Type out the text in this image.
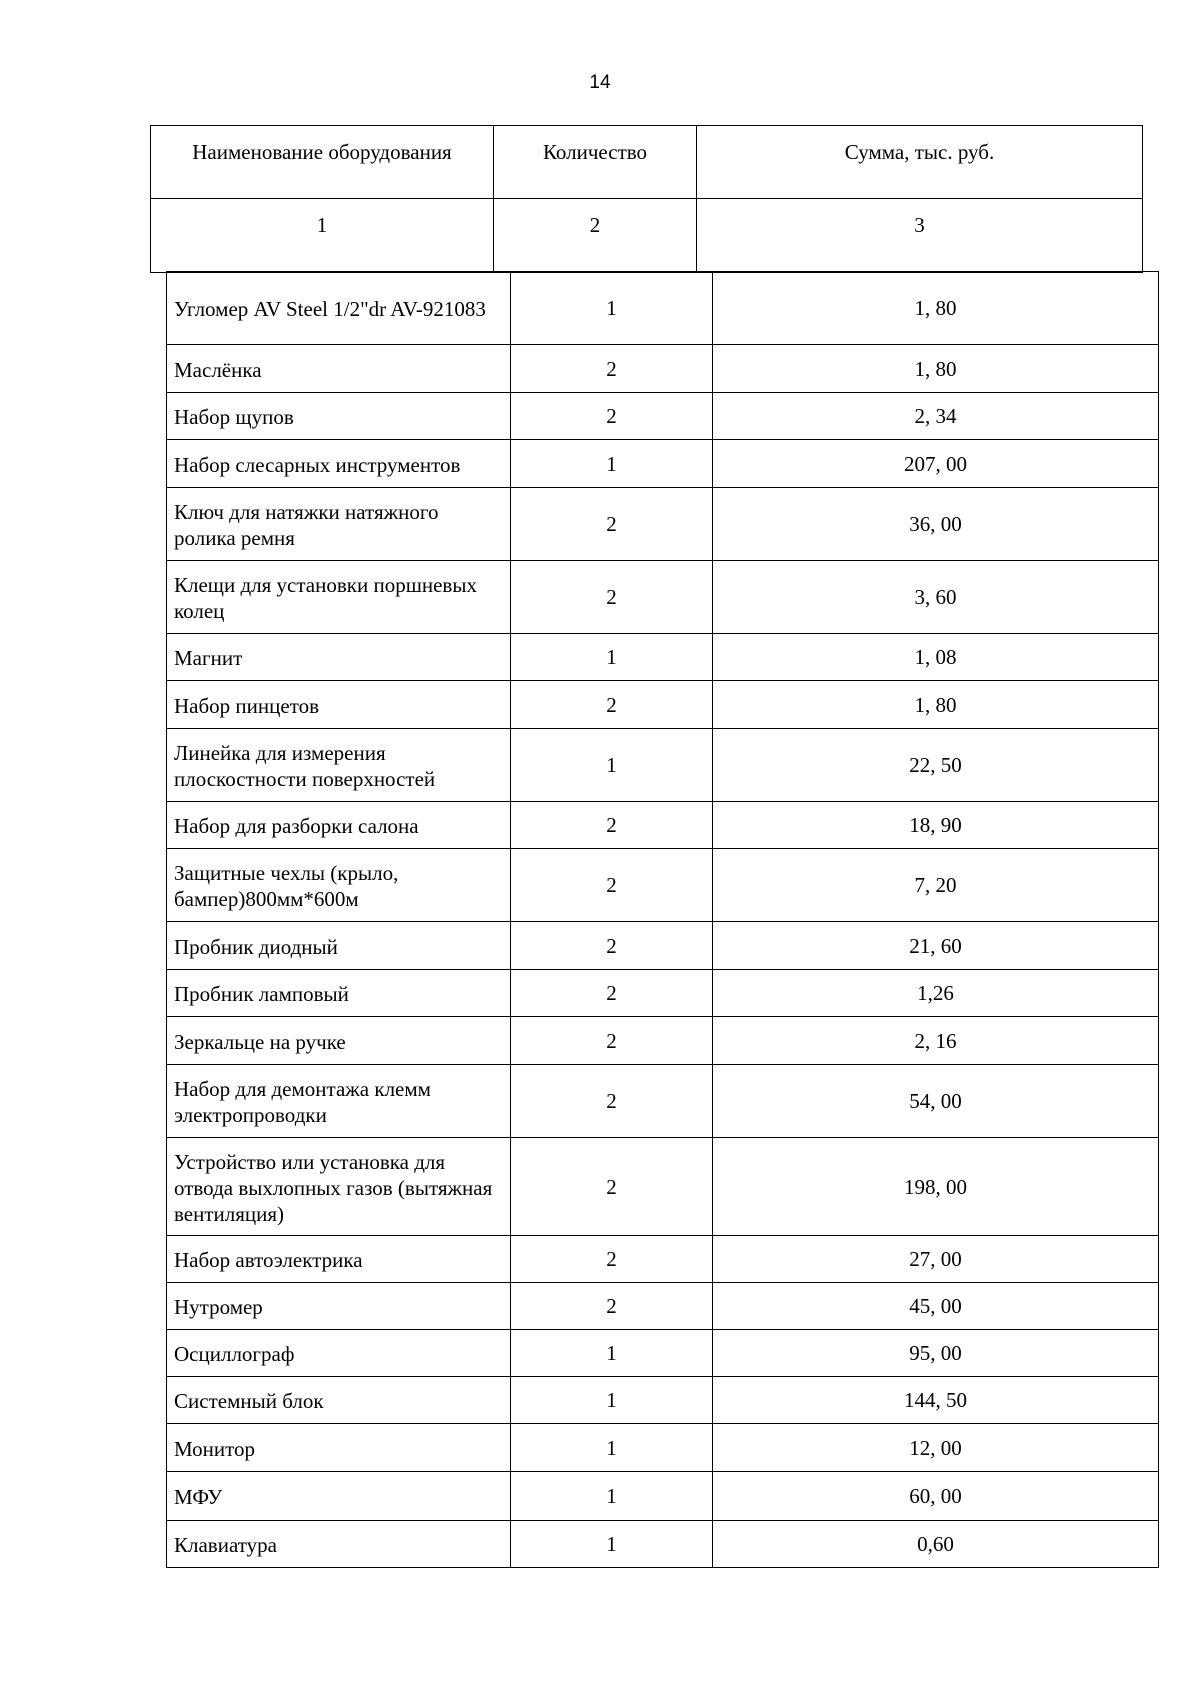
14
Наименование оборудования	Количество	Сумма, тыс. руб.
1	2	3
Угломер AV Steel 1/2"dr AV-921083	1	1, 80
Маслёнка	2	1, 80
Набор щупов	2	2, 34
Набор слесарных инструментов	1	207, 00
Ключ для натяжки натяжного ролика ремня	2	36, 00
Клещи для установки поршневых колец	2	3, 60
Магнит	1	1, 08
Набор пинцетов	2	1, 80
Линейка для измерения плоскостности поверхностей	1	22, 50
Набор для разборки салона	2	18, 90
Защитные чехлы (крыло, бампер)800мм*600м	2	7, 20
Пробник диодный	2	21, 60
Пробник ламповый	2	1,26
Зеркальце на ручке	2	2, 16
Набор для демонтажа клемм электропроводки	2	54, 00
Устройство или установка для отвода выхлопных газов (вытяжная вентиляция)	2	198, 00
Набор автоэлектрика	2	27, 00
Нутромер	2	45, 00
Осциллограф	1	95, 00
Системный блок	1	144, 50
Монитор	1	12, 00
МФУ	1	60, 00
Клавиатура	1	0,60
